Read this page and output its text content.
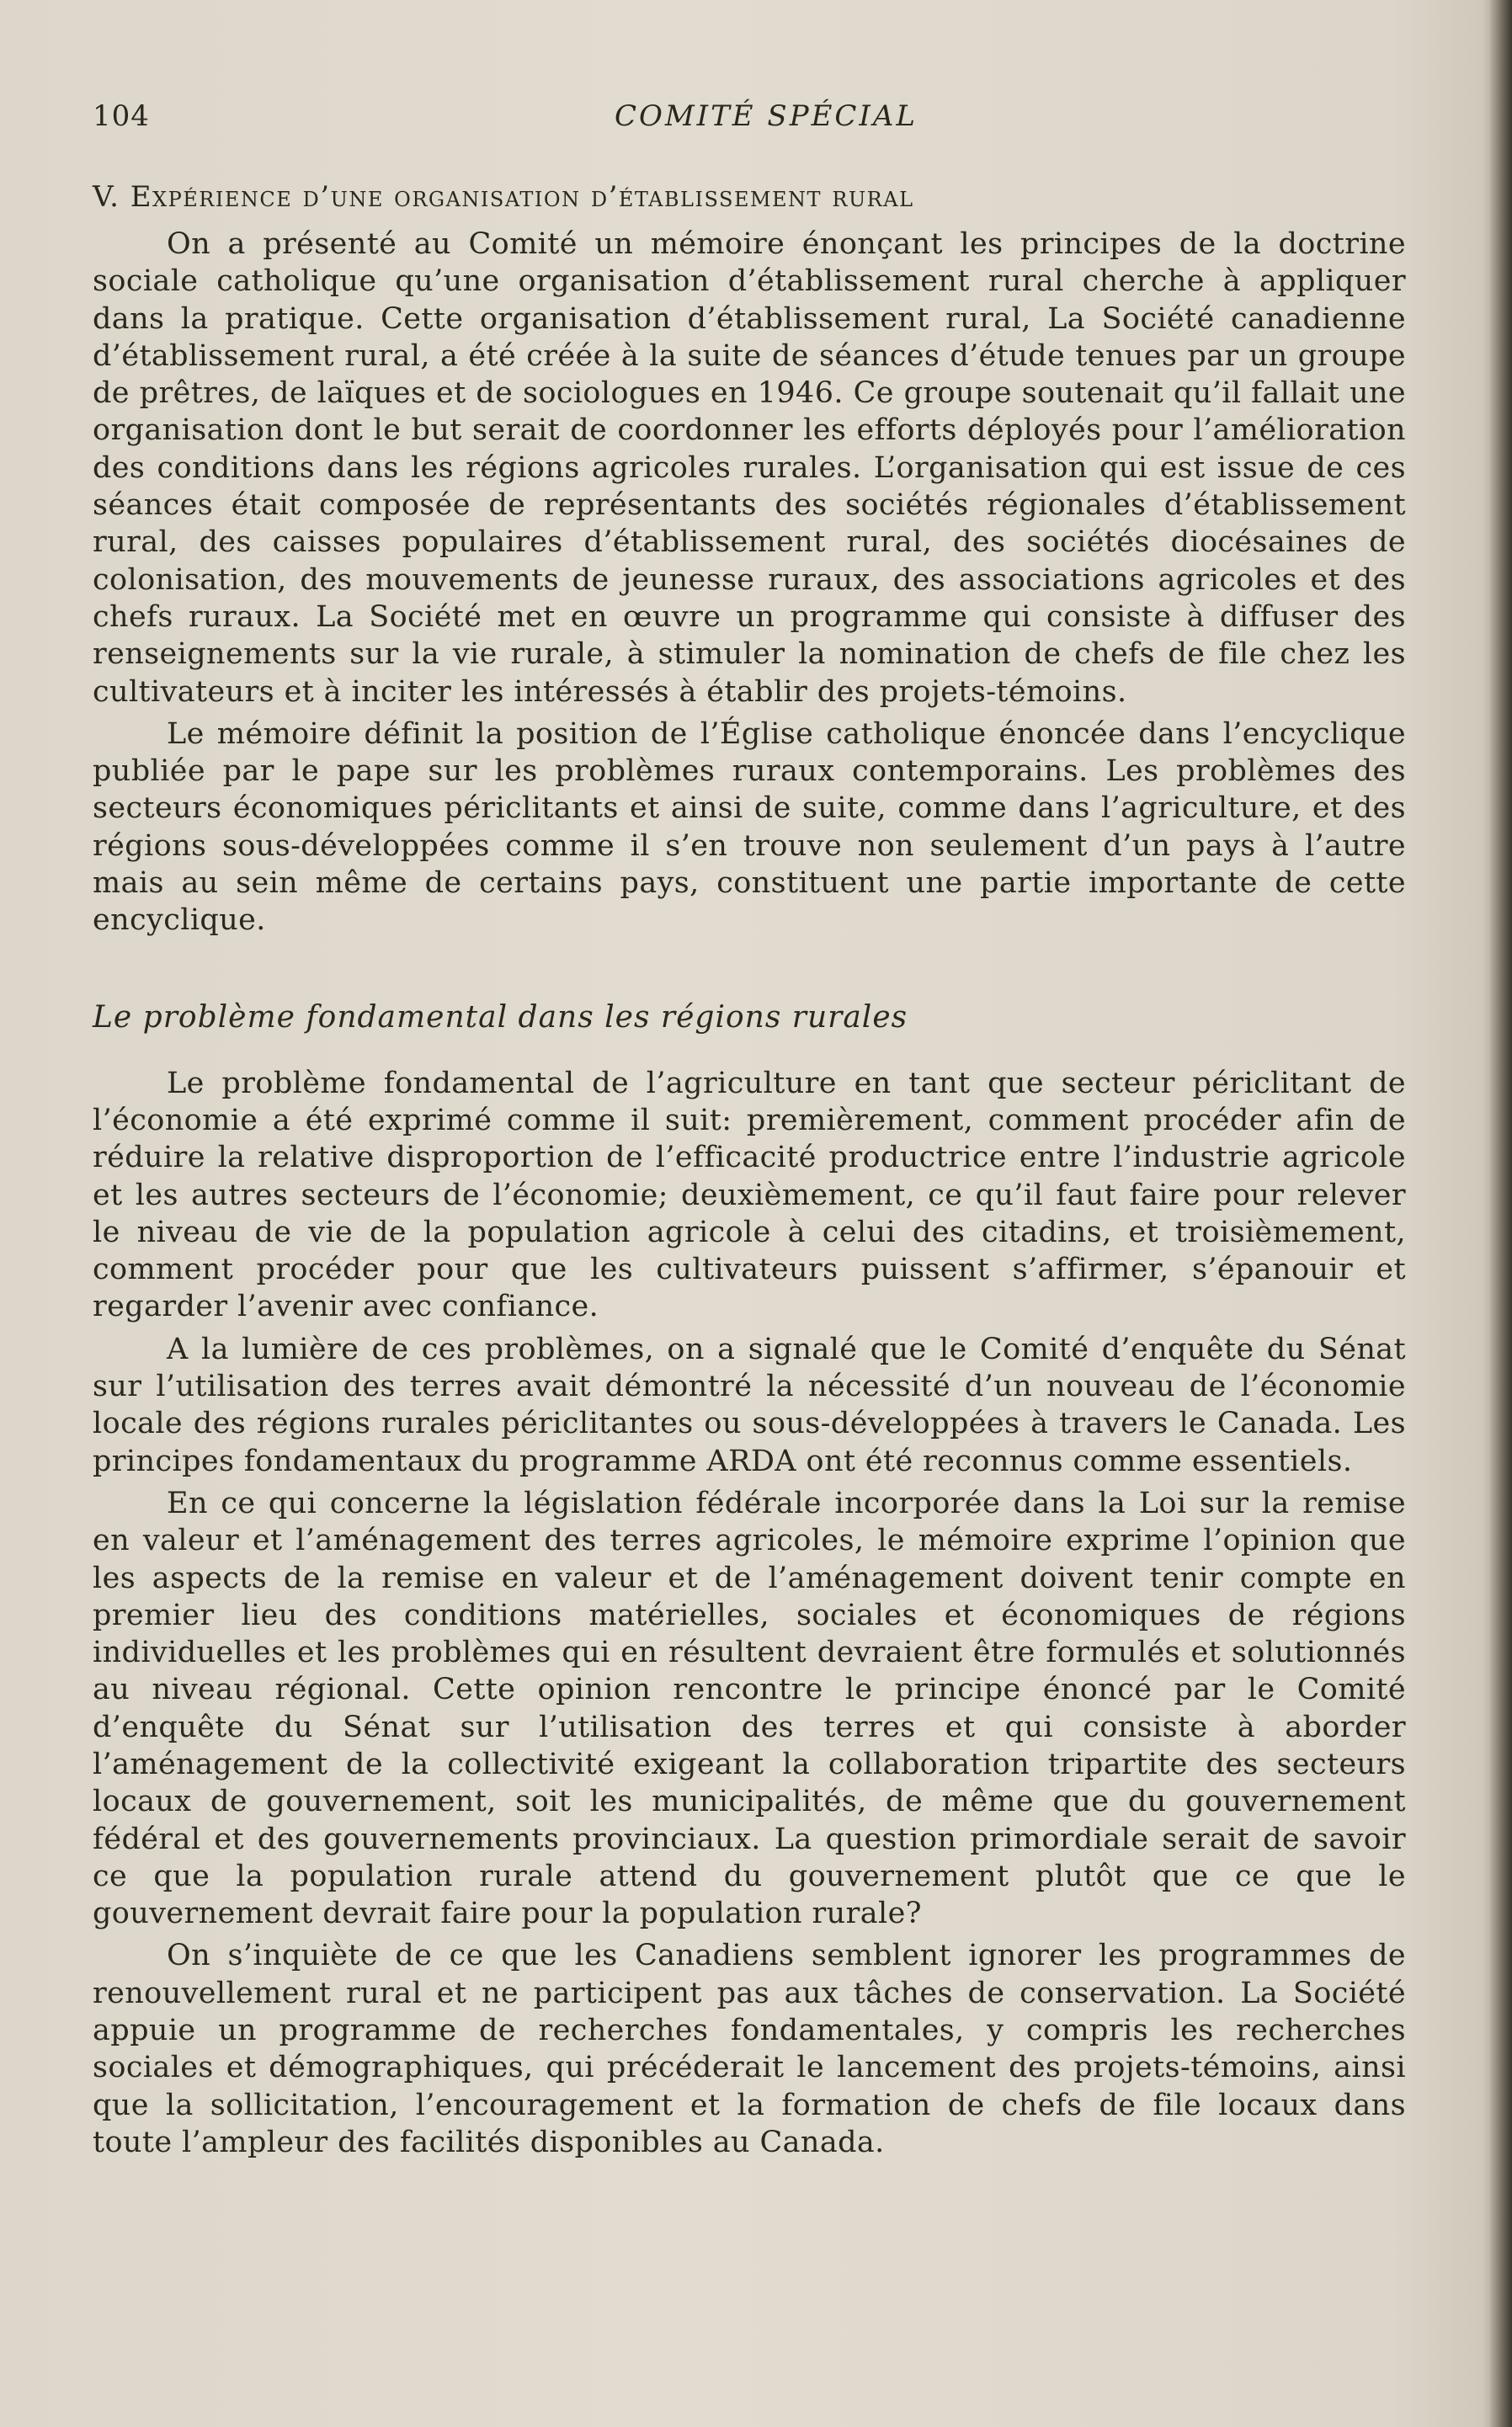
104	COMITÉ SPÉCIAL
V. Expérience d’une organisation d’établissement rural

On a présenté au Comité un mémoire énonçant les principes de la doctrine sociale catholique qu’une organisation d’établissement rural cherche à appliquer dans la pratique. Cette organisation d’établissement rural, La Société canadienne d’établissement rural, a été créée à la suite de séances d’étude tenues par un groupe de prêtres, de laïques et de sociologues en 1946. Ce groupe soutenait qu’il fallait une organisation dont le but serait de coordonner les efforts déployés pour l’amélioration des conditions dans les régions agricoles rurales. L’organisation qui est issue de ces séances était composée de représentants des sociétés régionales d’établissement rural, des caisses populaires d’établissement rural, des sociétés diocésaines de colonisation, des mouvements de jeunesse ruraux, des associations agricoles et des chefs ruraux. La Société met en œuvre un programme qui consiste à diffuser des renseignements sur la vie rurale, à stimuler la nomination de chefs de file chez les cultivateurs et à inciter les intéressés à établir des projets-témoins.

Le mémoire définit la position de l’Église catholique énoncée dans l’encyclique publiée par le pape sur les problèmes ruraux contemporains. Les problèmes des secteurs économiques périclitants et ainsi de suite, comme dans l’agriculture, et des régions sous-développées comme il s’en trouve non seulement d’un pays à l’autre mais au sein même de certains pays, constituent une partie importante de cette encyclique.

Le problème fondamental dans les régions rurales

Le problème fondamental de l’agriculture en tant que secteur périclitant de l’économie a été exprimé comme il suit: premièrement, comment procéder afin de réduire la relative disproportion de l’efficacité productrice entre l’industrie agricole et les autres secteurs de l’économie; deuxièmement, ce qu’il faut faire pour relever le niveau de vie de la population agricole à celui des citadins, et troisièmement, comment procéder pour que les cultivateurs puissent s’affirmer, s’épanouir et regarder l’avenir avec confiance.

A la lumière de ces problèmes, on a signalé que le Comité d’enquête du Sénat sur l’utilisation des terres avait démontré la nécessité d’un nouveau de l’économie locale des régions rurales périclitantes ou sous-développées à travers le Canada. Les principes fondamentaux du programme ARDA ont été reconnus comme essentiels.

En ce qui concerne la législation fédérale incorporée dans la Loi sur la remise en valeur et l’aménagement des terres agricoles, le mémoire exprime l’opinion que les aspects de la remise en valeur et de l’aménagement doivent tenir compte en premier lieu des conditions matérielles, sociales et économiques de régions individuelles et les problèmes qui en résultent devraient être formulés et solutionnés au niveau régional. Cette opinion rencontre le principe énoncé par le Comité d’enquête du Sénat sur l’utilisation des terres et qui consiste à aborder l’aménagement de la collectivité exigeant la collaboration tripartite des secteurs locaux de gouvernement, soit les municipalités, de même que du gouvernement fédéral et des gouvernements provinciaux. La question primordiale serait de savoir ce que la population rurale attend du gouvernement plutôt que ce que le gouvernement devrait faire pour la population rurale?

On s’inquiète de ce que les Canadiens semblent ignorer les programmes de renouvellement rural et ne participent pas aux tâches de conservation. La Société appuie un programme de recherches fondamentales, y compris les recherches sociales et démographiques, qui précéderait le lancement des projets-témoins, ainsi que la sollicitation, l’encouragement et la formation de chefs de file locaux dans toute l’ampleur des facilités disponibles au Canada.
